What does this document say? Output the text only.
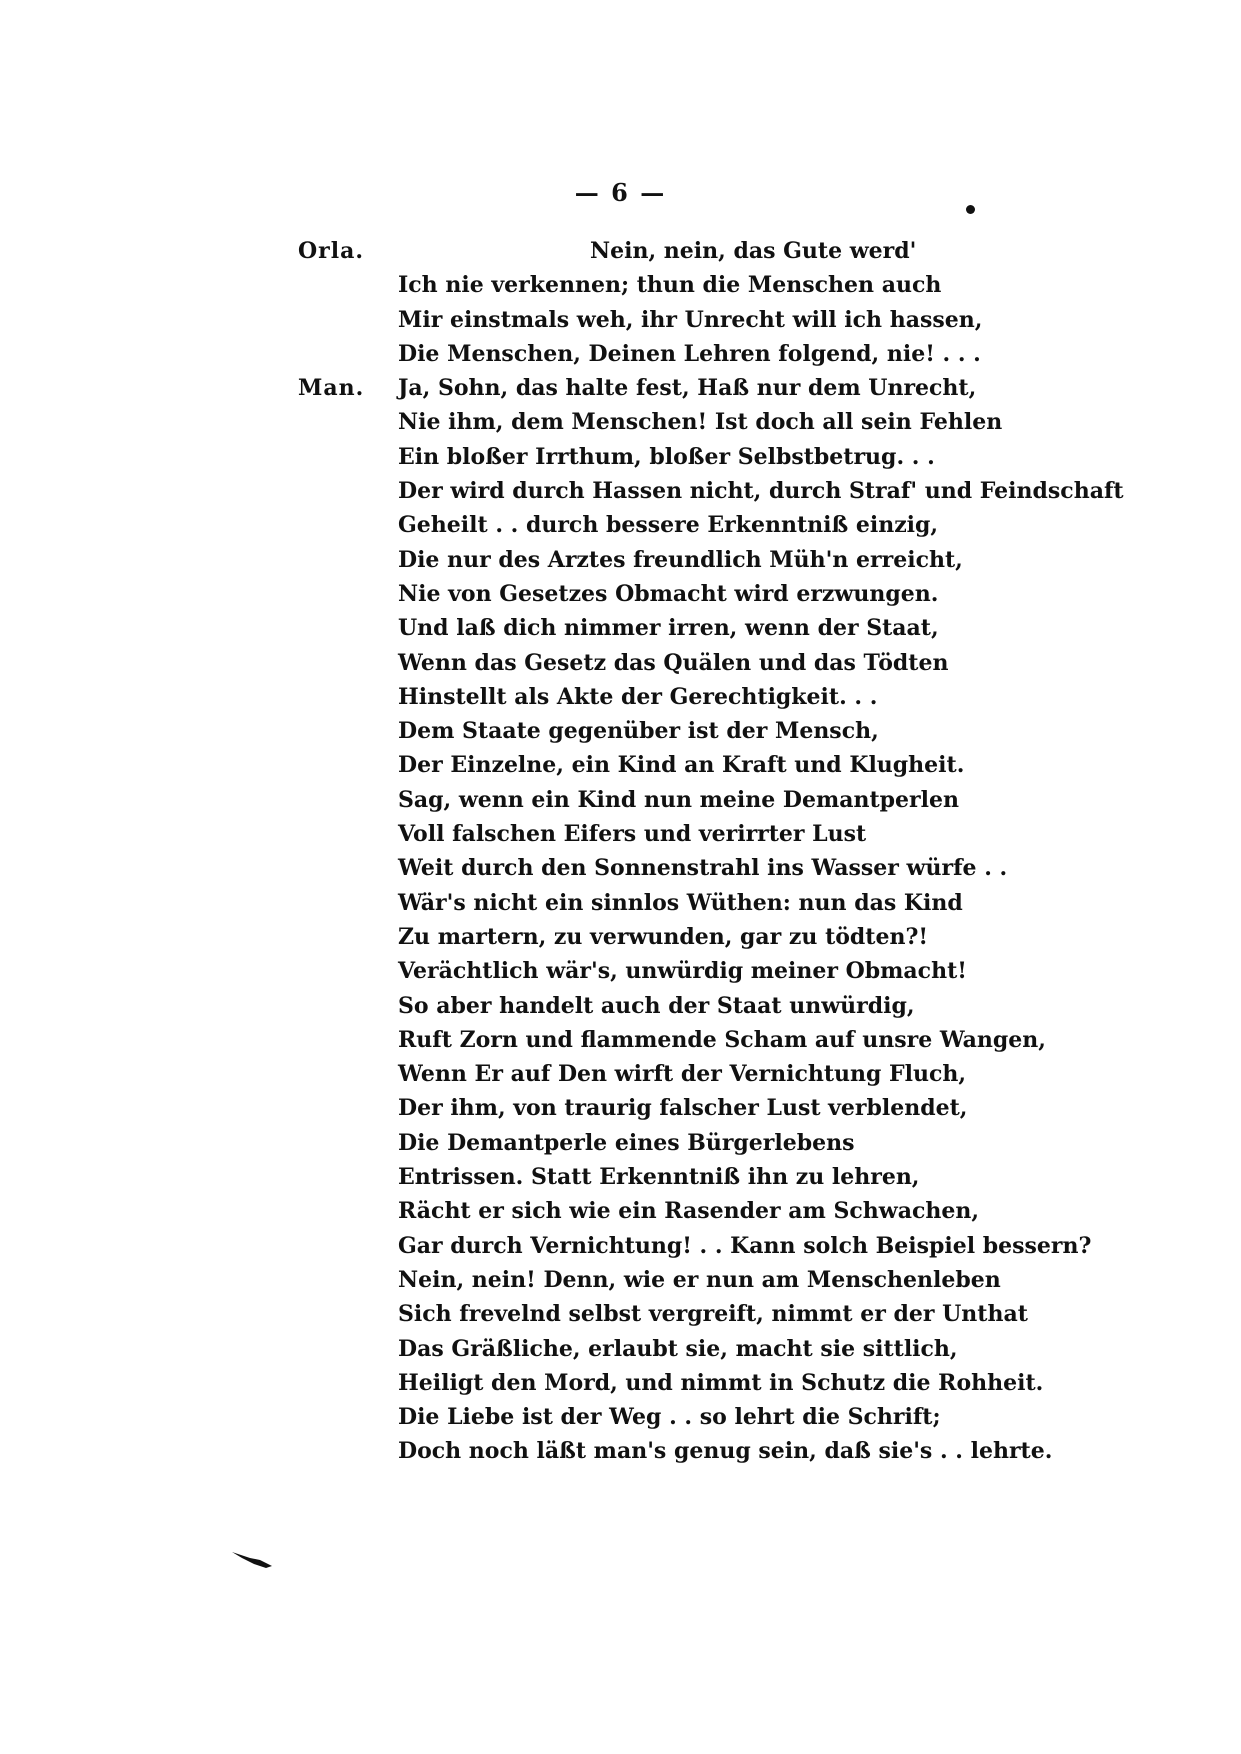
— 6 —
Orla.	Nein, nein, das Gute werd'
Ich nie verkennen; thun die Menschen auch
Mir einstmals weh, ihr Unrecht will ich hassen,
Die Menschen, Deinen Lehren folgend, nie! . . .
Man. Ja, Sohn, das halte fest, Haß nur dem Unrecht,
Nie ihm, dem Menschen! Ist doch all sein Fehlen
Ein bloßer Irrthum, bloßer Selbstbetrug. . .
Der wird durch Hassen nicht, durch Straf' und Feindschaft
Geheilt . . durch bessere Erkenntniß einzig,
Die nur des Arztes freundlich Müh'n erreicht,
Nie von Gesetzes Obmacht wird erzwungen.
Und laß dich nimmer irren, wenn der Staat,
Wenn das Gesetz das Quälen und das Tödten
Hinstellt als Akte der Gerechtigkeit. . .
Dem Staate gegenüber ist der Mensch,
Der Einzelne, ein Kind an Kraft und Klugheit.
Sag, wenn ein Kind nun meine Demantperlen
Voll falschen Eifers und verirrter Lust
Weit durch den Sonnenstrahl ins Wasser würfe . .
Wär's nicht ein sinnlos Wüthen: nun das Kind
Zu martern, zu verwunden, gar zu tödten?!
Verächtlich wär's, unwürdig meiner Obmacht!
So aber handelt auch der Staat unwürdig,
Ruft Zorn und flammende Scham auf unsre Wangen,
Wenn Er auf Den wirft der Vernichtung Fluch,
Der ihm, von traurig falscher Lust verblendet,
Die Demantperle eines Bürgerlebens
Entrissen. Statt Erkenntniß ihn zu lehren,
Rächt er sich wie ein Rasender am Schwachen,
Gar durch Vernichtung! . . Kann solch Beispiel bessern?
Nein, nein! Denn, wie er nun am Menschenleben
Sich frevelnd selbst vergreift, nimmt er der Unthat
Das Gräßliche, erlaubt sie, macht sie sittlich,
Heiligt den Mord, und nimmt in Schutz die Rohheit.
Die Liebe ist der Weg . . so lehrt die Schrift;
Doch noch läßt man's genug sein, daß sie's . . lehrte.
